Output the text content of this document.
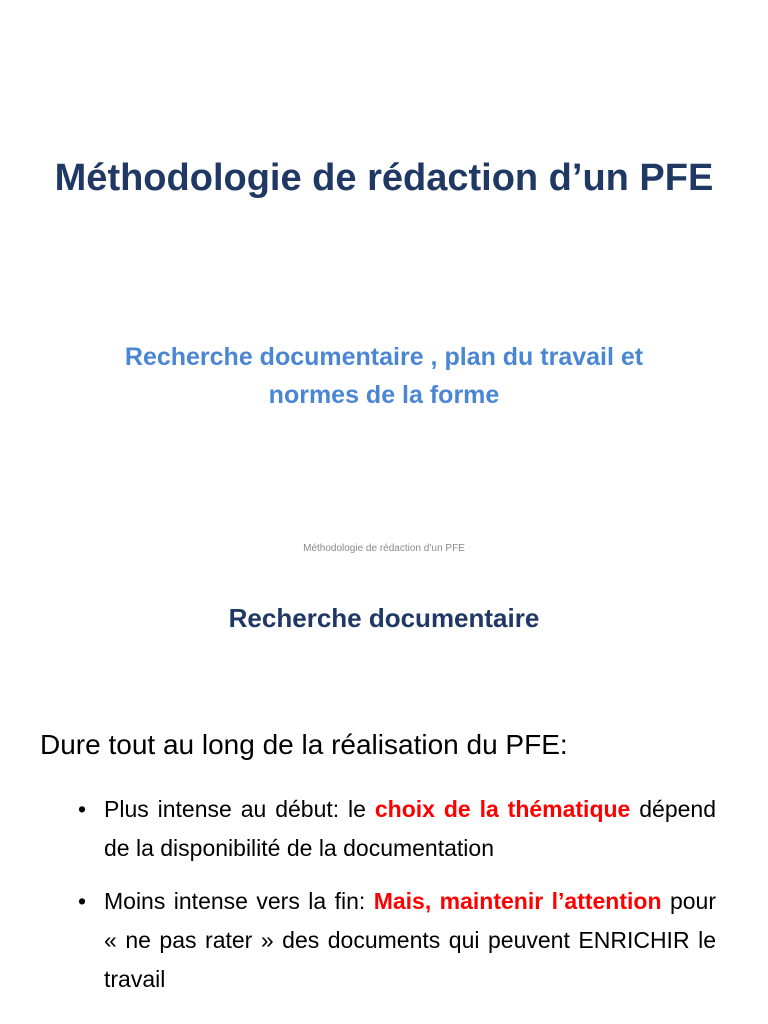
Méthodologie de rédaction d’un PFE
Recherche documentaire , plan du travail et normes de la forme
Méthodologie de rédaction d’un PFE
Recherche documentaire
Dure tout au long de la réalisation du PFE:
• Plus intense au début: le choix de la thématique dépend de la disponibilité de la documentation
• Moins intense vers la fin: Mais, maintenir l’attention pour « ne pas rater » des documents qui peuvent ENRICHIR le travail
